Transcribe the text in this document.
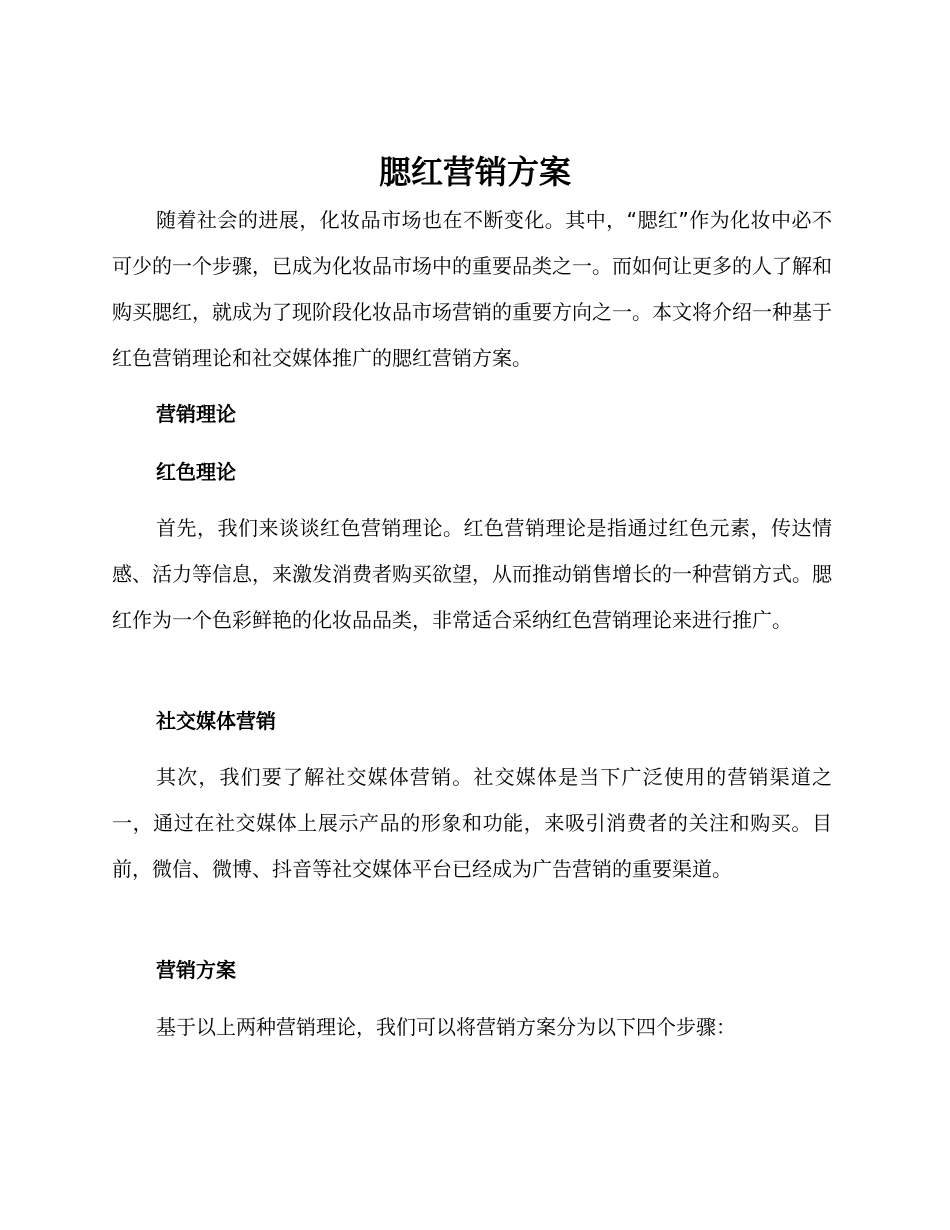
腮红营销方案

随着社会的进展，化妆品市场也在不断变化。其中，“腮红”作为化妆中必不可少的一个步骤，已成为化妆品市场中的重要品类之一。而如何让更多的人了解和购买腮红，就成为了现阶段化妆品市场营销的重要方向之一。本文将介绍一种基于红色营销理论和社交媒体推广的腮红营销方案。

营销理论
红色理论

首先，我们来谈谈红色营销理论。红色营销理论是指通过红色元素，传达情感、活力等信息，来激发消费者购买欲望，从而推动销售增长的一种营销方式。腮红作为一个色彩鲜艳的化妆品品类，非常适合采纳红色营销理论来进行推广。

社交媒体营销

其次，我们要了解社交媒体营销。社交媒体是当下广泛使用的营销渠道之一，通过在社交媒体上展示产品的形象和功能，来吸引消费者的关注和购买。目前，微信、微博、抖音等社交媒体平台已经成为广告营销的重要渠道。

营销方案

基于以上两种营销理论，我们可以将营销方案分为以下四个步骤：
